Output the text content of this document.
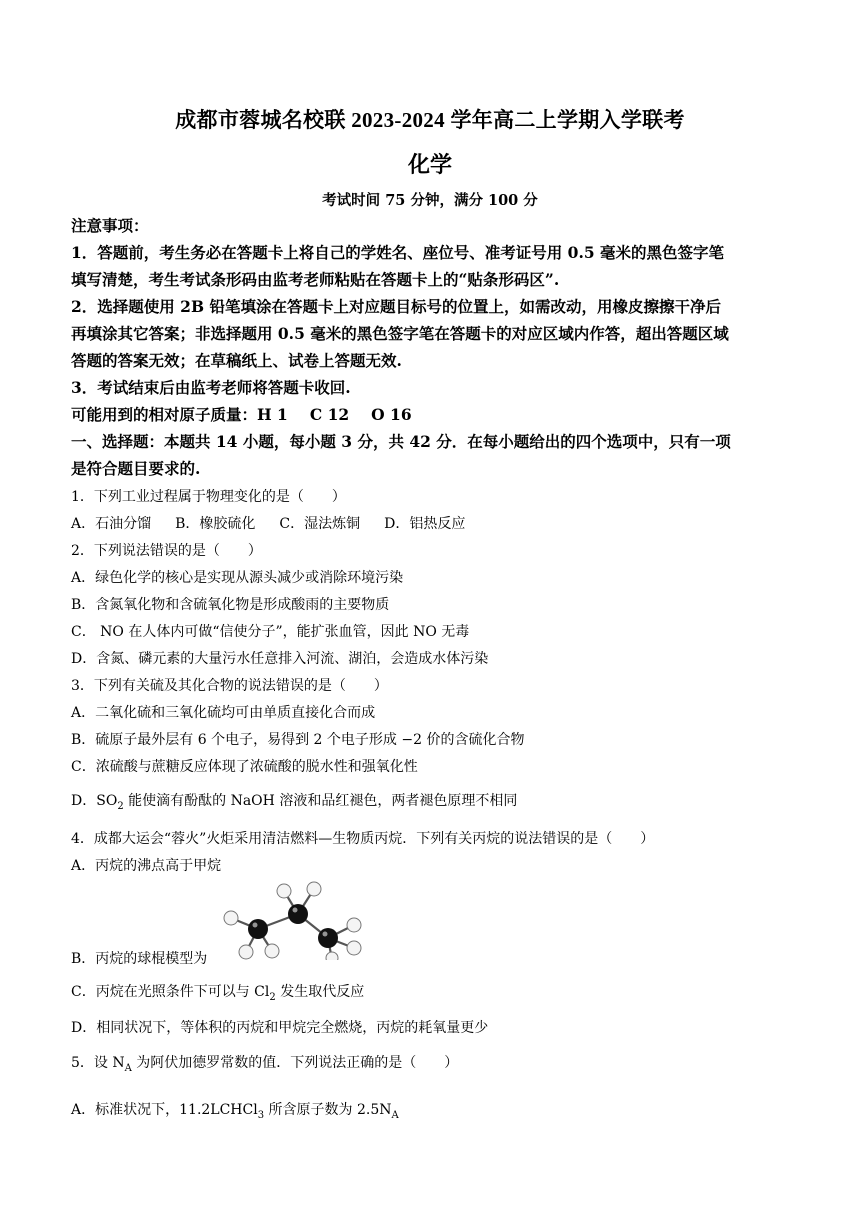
成都市蓉城名校联 2023-2024 学年高二上学期入学联考
化学
考试时间 75 分钟，满分 100 分
注意事项：
1．答题前，考生务必在答题卡上将自己的学姓名、座位号、准考证号用 0.5 毫米的黑色签字笔
填写清楚，考生考试条形码由监考老师粘贴在答题卡上的“贴条形码区”.
2．选择题使用 2B 铅笔填涂在答题卡上对应题目标号的位置上，如需改动，用橡皮擦擦干净后
再填涂其它答案；非选择题用 0.5 毫米的黑色签字笔在答题卡的对应区域内作答，超出答题区域
答题的答案无效；在草稿纸上、试卷上答题无效.
3．考试结束后由监考老师将答题卡收回.
可能用到的相对原子质量：H 1 C 12 O 16
一、选择题：本题共 14 小题，每小题 3 分，共 42 分．在每小题给出的四个选项中，只有一项
是符合题目要求的.
1．下列工业过程属于物理变化的是（　　）
A．石油分馏 B．橡胶硫化 C．湿法炼铜 D．铝热反应
2．下列说法错误的是（　　）
A．绿色化学的核心是实现从源头减少或消除环境污染
B．含氮氧化物和含硫氧化物是形成酸雨的主要物质
C． NO 在人体内可做“信使分子”，能扩张血管，因此 NO 无毒
D．含氮、磷元素的大量污水任意排入河流、湖泊，会造成水体污染
3．下列有关硫及其化合物的说法错误的是（　　）
A．二氧化硫和三氧化硫均可由单质直接化合而成
B．硫原子最外层有 6 个电子，易得到 2 个电子形成 −2 价的含硫化合物
C．浓硫酸与蔗糖反应体现了浓硫酸的脱水性和强氧化性
D．$SO_2$ 能使滴有酚酞的 NaOH 溶液和品红褪色，两者褪色原理不相同
4．成都大运会“蓉火”火炬采用清洁燃料—生物质丙烷．下列有关丙烷的说法错误的是（　　）
A．丙烷的沸点高于甲烷
B．丙烷的球棍模型为
C．丙烷在光照条件下可以与 $Cl_2$ 发生取代反应
D．相同状况下，等体积的丙烷和甲烷完全燃烧，丙烷的耗氧量更少
5．设 $N_A$ 为阿伏加德罗常数的值．下列说法正确的是（　　）
A．标准状况下，11.2LCHCl$_3$ 所含原子数为 $2.5N_A$
